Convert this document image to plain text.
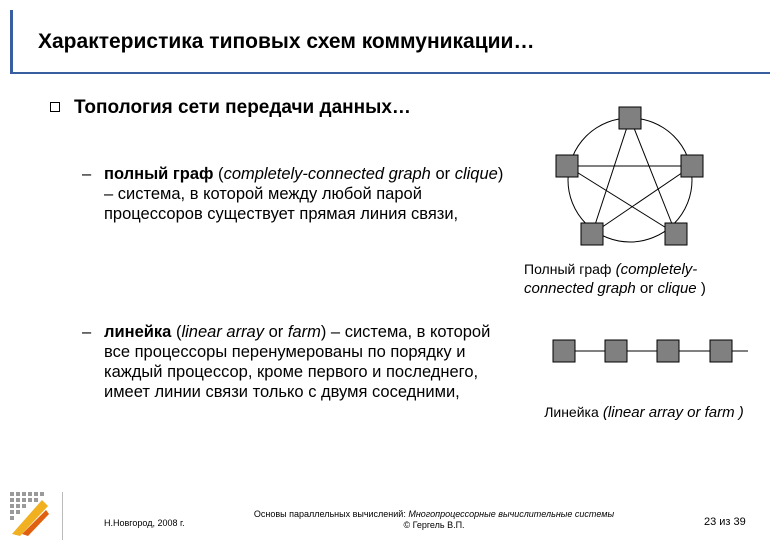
Характеристика типовых схем коммуникации…
Топология сети передачи данных…
– полный граф (completely-connected graph or clique) – система, в которой между любой парой процессоров существует прямая линия связи,
– линейка (linear array or farm) – система, в которой все процессоры перенумерованы по порядку и каждый процессор, кроме первого и последнего, имеет линии связи только с двумя соседними,
Полный граф (completely-connected graph or clique )
Линейка (linear array or farm )
Н.Новгород, 2008 г.
Основы параллельных вычислений: Многопроцессорные вычислительные системы
© Гергель В.П.	23 из 39
